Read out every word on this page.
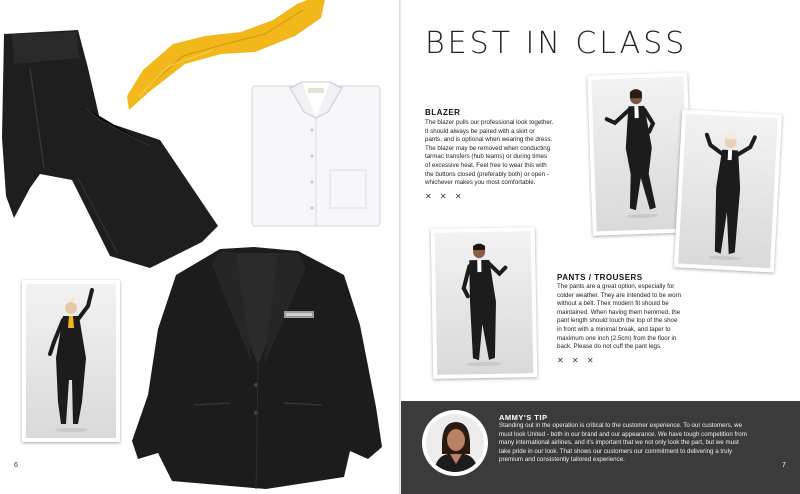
6
BEST IN CLASS
BLAZER
The blazer pulls our professional look together.
It should always be paired with a skirt or
pants, and is optional when wearing the dress.
The blazer may be removed when conducting
tarmac transfers (hub teams) or during times
of excessive heat. Feel free to wear this with
the buttons closed (preferably both) or open -
whichever makes you most comfortable.
✕ ✕ ✕
PANTS / TROUSERS
The pants are a great option, especially for
colder weather. They are intended to be worn
without a belt. Their modern fit should be
maintained. When having them hemmed, the
pant length should touch the top of the shoe
in front with a minimal break, and taper to
maximum one inch (2.5cm) from the floor in
back. Please do not cuff the pant legs.
✕ ✕ ✕
AMMY'S TIP
Standing out in the operation is critical to the customer experience. To our customers, we
must look United - both in our brand and our appearance. We have tough competition from
many international airlines, and it's important that we not only look the part, but we must
take pride in our look. That shows our customers our commitment to delivering a truly
premium and consistently tailored experience.
7
